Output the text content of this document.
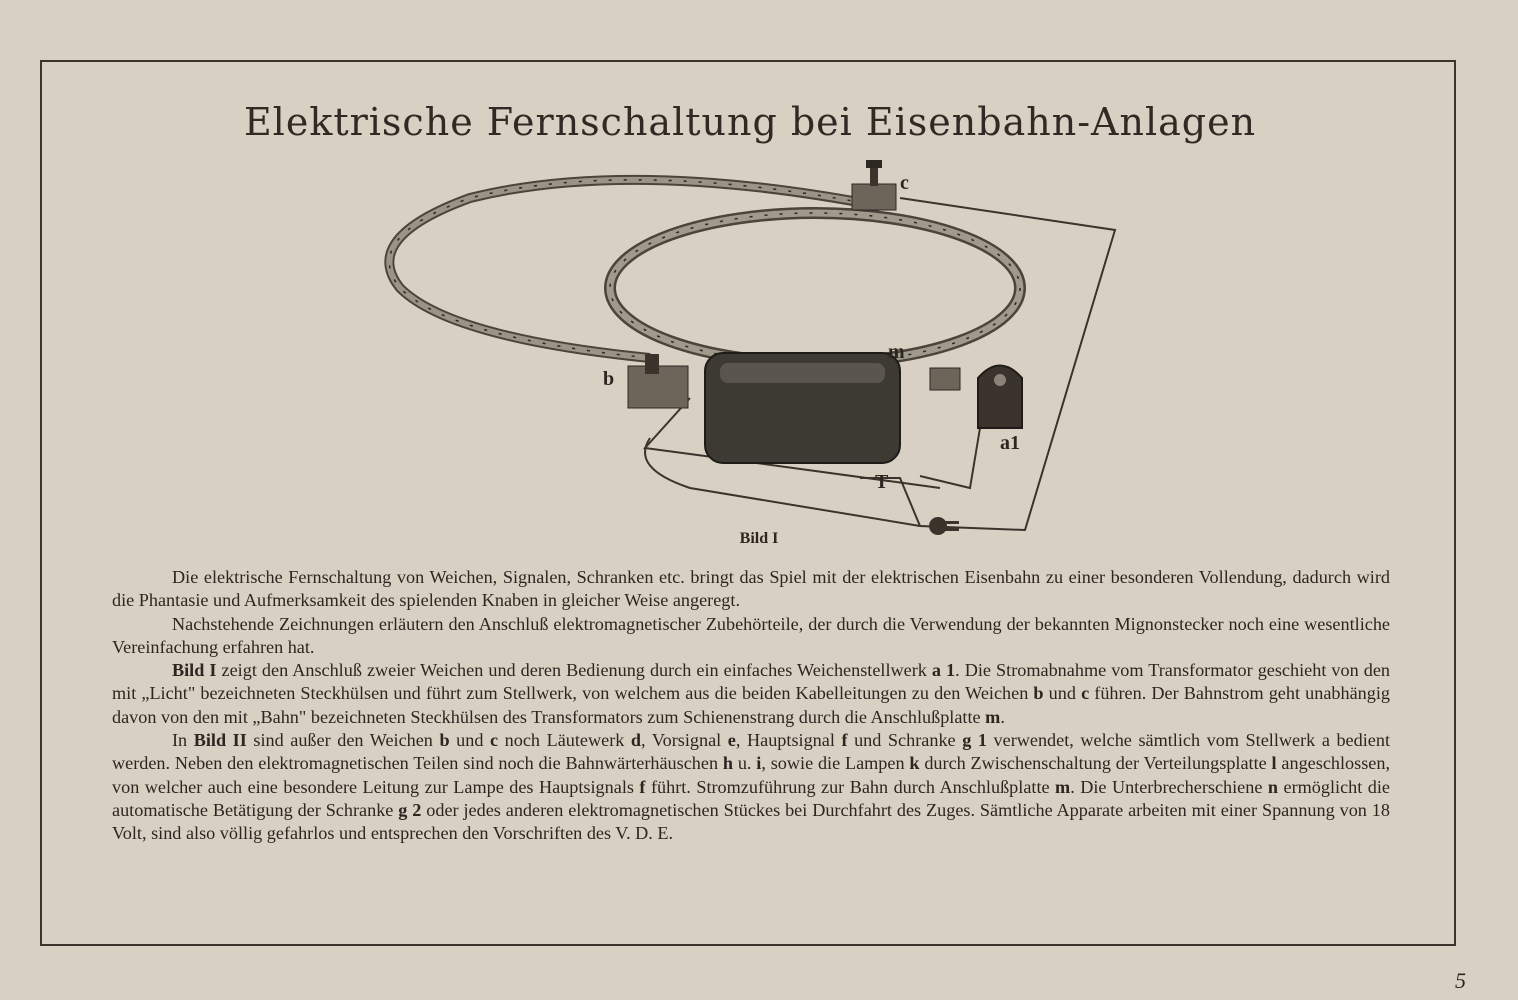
Elektrische Fernschaltung bei Eisenbahn-Anlagen
c
b
m
a1
T
Bild I

Die elektrische Fernschaltung von Weichen, Signalen, Schranken etc. bringt das Spiel mit der elektrischen Eisenbahn zu einer besonderen Vollendung, dadurch wird die Phantasie und Aufmerksamkeit des spielenden Knaben in gleicher Weise angeregt.

Nachstehende Zeichnungen erläutern den Anschluß elektromagnetischer Zubehörteile, der durch die Verwendung der bekannten Mignonstecker noch eine wesentliche Vereinfachung erfahren hat.

Bild I zeigt den Anschluß zweier Weichen und deren Bedienung durch ein einfaches Weichenstellwerk a 1. Die Stromabnahme vom Transformator geschieht von den mit „Licht" bezeichneten Steckhülsen und führt zum Stellwerk, von welchem aus die beiden Kabelleitungen zu den Weichen b und c führen. Der Bahnstrom geht unabhängig davon von den mit „Bahn" bezeichneten Steckhülsen des Transformators zum Schienenstrang durch die Anschlußplatte m.

In Bild II sind außer den Weichen b und c noch Läutewerk d, Vorsignal e, Hauptsignal f und Schranke g 1 verwendet, welche sämtlich vom Stellwerk a bedient werden. Neben den elektromagnetischen Teilen sind noch die Bahnwärterhäuschen h u. i, sowie die Lampen k durch Zwischenschaltung der Verteilungsplatte l angeschlossen, von welcher auch eine besondere Leitung zur Lampe des Hauptsignals f führt. Stromzuführung zur Bahn durch Anschlußplatte m. Die Unterbrecherschiene n ermöglicht die automatische Betätigung der Schranke g 2 oder jedes anderen elektromagnetischen Stückes bei Durchfahrt des Zuges. Sämtliche Apparate arbeiten mit einer Spannung von 18 Volt, sind also völlig gefahrlos und entsprechen den Vorschriften des V. D. E.

5
